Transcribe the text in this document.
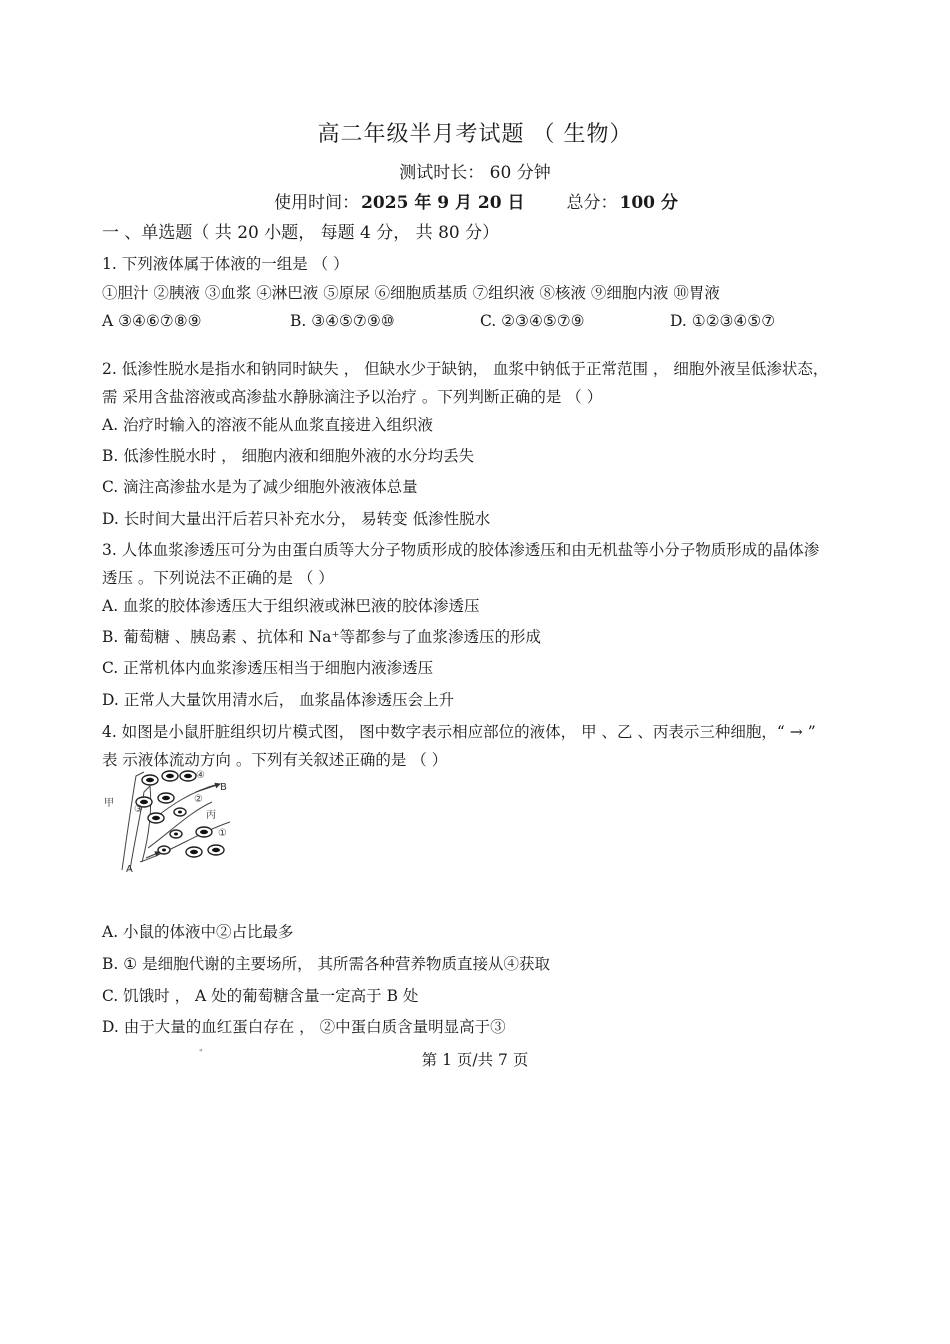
高二年级半月考试题 （ 生物）
测试时长： 60 分钟
使用时间： 2025 年 9 月 20 日 总分： 100 分
一 、单选题（ 共 20 小题， 每题 4 分， 共 80 分）
1. 下列液体属于体液的一组是 （ ）
①胆汁 ②胰液 ③血浆 ④淋巴液 ⑤原尿 ⑥细胞质基质 ⑦组织液 ⑧核液 ⑨细胞内液 ⑩胃液
A ③④⑥⑦⑧⑨	B. ③④⑤⑦⑨⑩	C. ②③④⑤⑦⑨	D. ①②③④⑤⑦
2. 低渗性脱水是指水和钠同时缺失 ， 但缺水少于缺钠， 血浆中钠低于正常范围 ， 细胞外液呈低渗状态，
需 采用含盐溶液或高渗盐水静脉滴注予以治疗 。下列判断正确的是 （ ）
A. 治疗时输入的溶液不能从血浆直接进入组织液
B. 低渗性脱水时 ， 细胞内液和细胞外液的水分均丢失
C. 滴注高渗盐水是为了减少细胞外液液体总量
D. 长时间大量出汗后若只补充水分， 易转变 低渗性脱水
3. 人体血浆渗透压可分为由蛋白质等大分子物质形成的胶体渗透压和由无机盐等小分子物质形成的晶体渗
透压 。下列说法不正确的是 （ ）
A. 血浆的胶体渗透压大于组织液或淋巴液的胶体渗透压
B. 葡萄糖 、胰岛素 、抗体和 Na⁺等都参与了血浆渗透压的形成
C. 正常机体内血浆渗透压相当于细胞内液渗透压
D. 正常人大量饮用清水后， 血浆晶体渗透压会上升
4. 如图是小鼠肝脏组织切片模式图， 图中数字表示相应部位的液体， 甲 、乙 、丙表示三种细胞，“ → ”
表 示液体流动方向 。下列有关叙述正确的是 （ ）
甲
③
④
B
②
丙
①
A
A. 小鼠的体液中②占比最多
B. ① 是细胞代谢的主要场所， 其所需各种营养物质直接从④获取
C. 饥饿时 ， A 处的葡萄糖含量一定高于 B 处
D. 由于大量的血红蛋白存在 ， ②中蛋白质含量明显高于③
"	第 1 页/共 7 页
